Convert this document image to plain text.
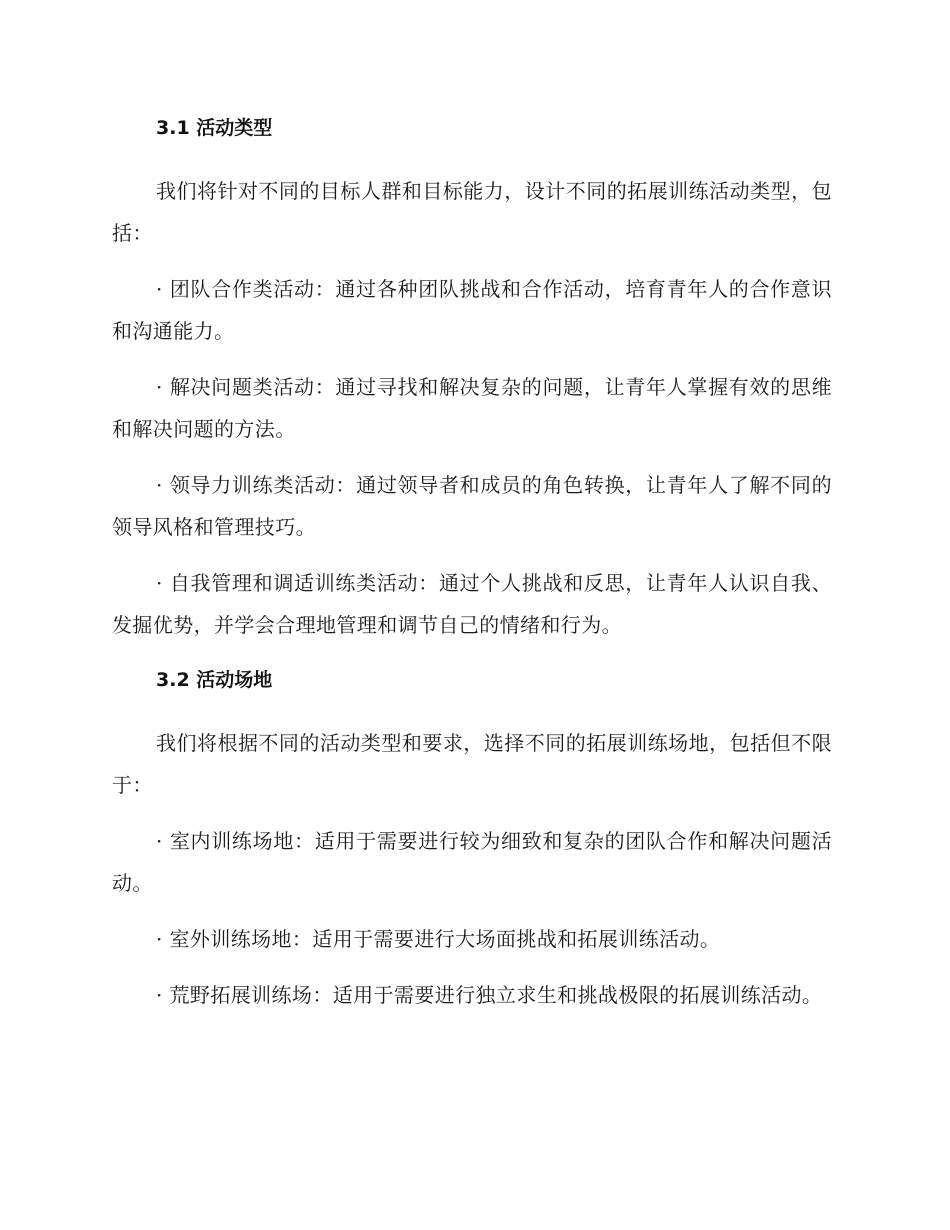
3.1 活动类型

我们将针对不同的目标人群和目标能力，设计不同的拓展训练活动类型，包括：

· 团队合作类活动：通过各种团队挑战和合作活动，培育青年人的合作意识和沟通能力。

· 解决问题类活动：通过寻找和解决复杂的问题，让青年人掌握有效的思维和解决问题的方法。

· 领导力训练类活动：通过领导者和成员的角色转换，让青年人了解不同的领导风格和管理技巧。

· 自我管理和调适训练类活动：通过个人挑战和反思，让青年人认识自我、发掘优势，并学会合理地管理和调节自己的情绪和行为。

3.2 活动场地

我们将根据不同的活动类型和要求，选择不同的拓展训练场地，包括但不限于：

· 室内训练场地：适用于需要进行较为细致和复杂的团队合作和解决问题活动。

· 室外训练场地：适用于需要进行大场面挑战和拓展训练活动。

· 荒野拓展训练场：适用于需要进行独立求生和挑战极限的拓展训练活动。
